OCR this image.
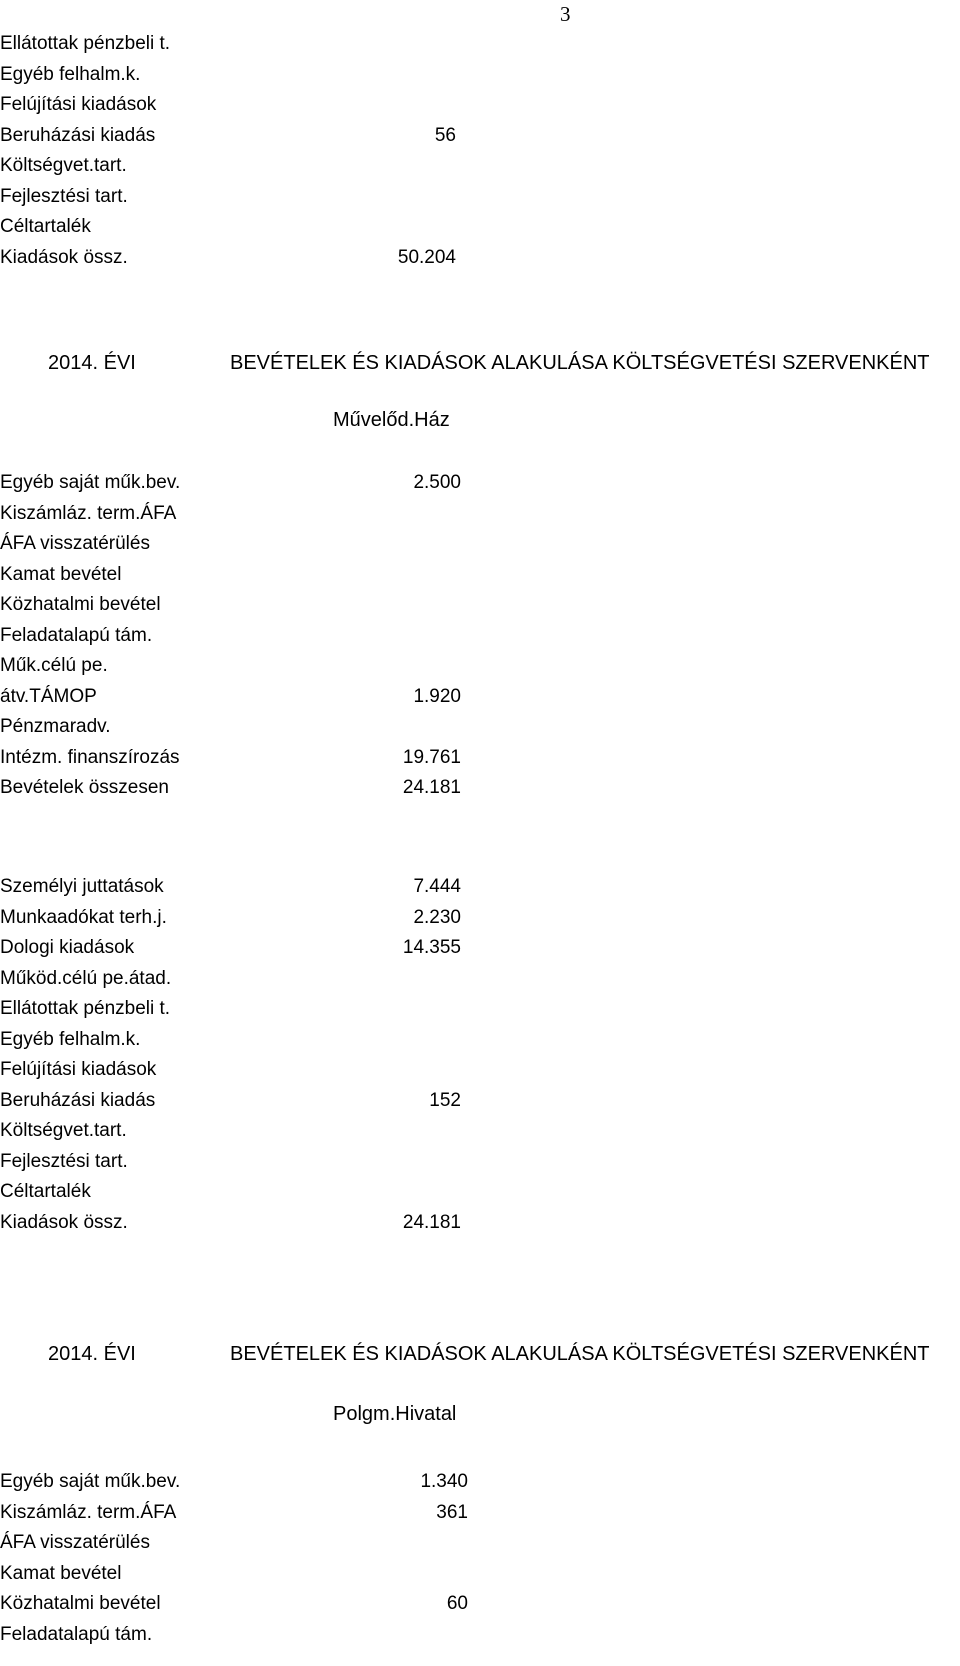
3
Ellátottak pénzbeli t.
Egyéb felhalm.k.
Felújítási kiadások
Beruházási kiadás	56
Költségvet.tart.
Fejlesztési tart.
Céltartalék
Kiadások össz.	50.204
2014. ÉVI	BEVÉTELEK ÉS KIADÁSOK ALAKULÁSA KÖLTSÉGVETÉSI SZERVENKÉNT
Művelőd.Ház
Egyéb saját műk.bev.	2.500
Kiszámláz. term.ÁFA
ÁFA visszatérülés
Kamat bevétel
Közhatalmi bevétel
Feladatalapú tám.
Műk.célú pe.
átv.TÁMOP	1.920
Pénzmaradv.
Intézm. finanszírozás	19.761
Bevételek összesen	24.181
Személyi juttatások	7.444
Munkaadókat terh.j.	2.230
Dologi kiadások	14.355
Működ.célú pe.átad.
Ellátottak pénzbeli t.
Egyéb felhalm.k.
Felújítási kiadások
Beruházási kiadás	152
Költségvet.tart.
Fejlesztési tart.
Céltartalék
Kiadások össz.	24.181
2014. ÉVI	BEVÉTELEK ÉS KIADÁSOK ALAKULÁSA KÖLTSÉGVETÉSI SZERVENKÉNT
Polgm.Hivatal
Egyéb saját műk.bev.	1.340
Kiszámláz. term.ÁFA	361
ÁFA visszatérülés
Kamat bevétel
Közhatalmi bevétel	60
Feladatalapú tám.
